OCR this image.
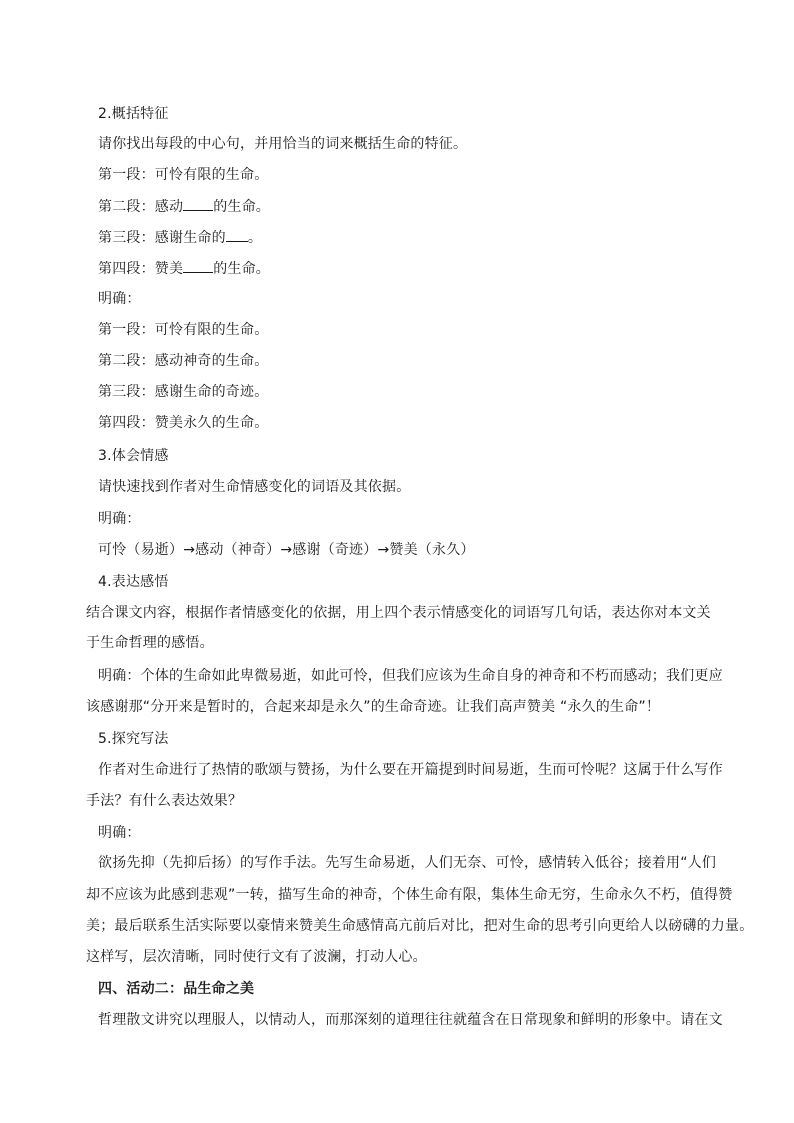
2.概括特征
请你找出每段的中心句，并用恰当的词来概括生命的特征。
第一段：可怜有限的生命。
第二段：感动 的生命。
第三段：感谢生命的 。
第四段：赞美 的生命。
明确：
第一段：可怜有限的生命。
第二段：感动神奇的生命。
第三段：感谢生命的奇迹。
第四段：赞美永久的生命。
3.体会情感
请快速找到作者对生命情感变化的词语及其依据。
明确：
可怜（易逝）→感动（神奇）→感谢（奇迹）→赞美（永久）
4.表达感悟
结合课文内容，根据作者情感变化的依据，用上四个表示情感变化的词语写几句话，表达你对本文关
于生命哲理的感悟。
明确：个体的生命如此卑微易逝，如此可怜，但我们应该为生命自身的神奇和不朽而感动；我们更应
该感谢那“分开来是暂时的，合起来却是永久”的生命奇迹。让我们高声赞美 “永久的生命”！
5.探究写法
作者对生命进行了热情的歌颂与赞扬，为什么要在开篇提到时间易逝，生而可怜呢？这属于什么写作
手法？有什么表达效果？
明确：
欲扬先抑（先抑后扬）的写作手法。先写生命易逝，人们无奈、可怜，感情转入低谷；接着用“人们
却不应该为此感到悲观”一转，描写生命的神奇，个体生命有限，集体生命无穷，生命永久不朽，值得赞
美；最后联系生活实际要以豪情来赞美生命感情高亢前后对比，把对生命的思考引向更给人以磅礴的力量。
这样写，层次清晰，同时使行文有了波澜，打动人心。
四、活动二：品生命之美
哲理散文讲究以理服人，以情动人，而那深刻的道理往往就蕴含在日常现象和鲜明的形象中。请在文
